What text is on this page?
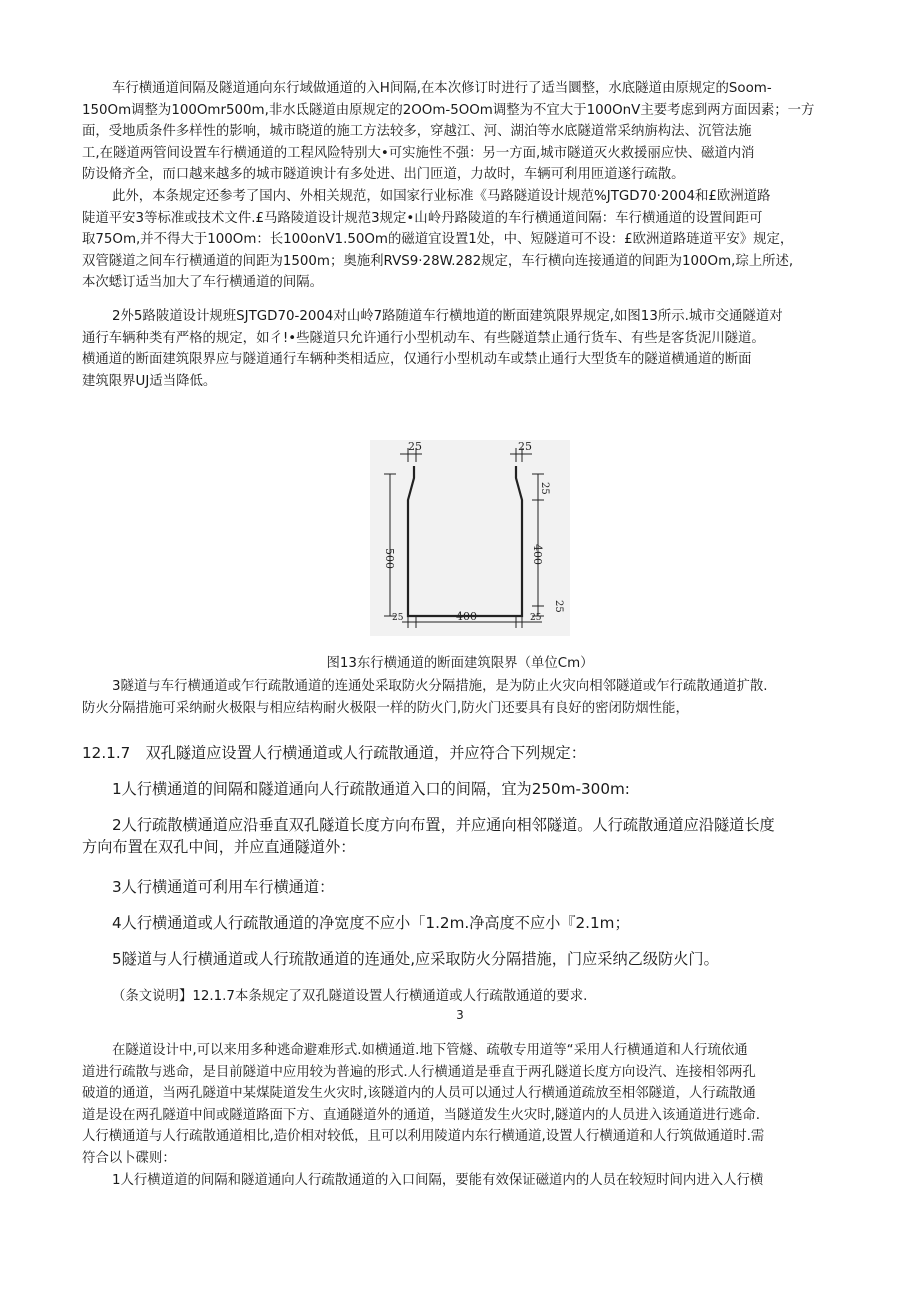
车行横通道间隔及隧道通向东行域做通道的入H间隔,在本次修订时进行了适当圜整，水底隧道由原规定的Soom-
150Om调整为100Omr500m,非水氐隧道由原规定的2OOm-5OOm调整为不宜大于100OnV主要考虑到两方面因素；一方
面，受地质条件多样性的影响，城市晓道的施工方法较多，穿越江、河、湖泊等水底隧道常采纳旃构法、沉管法施
工,在隧道两管间设置车行横通道的工程风险特别大•可实施性不强：另一方面,城市隧道灭火救援丽应快、磁道内消
防设脩齐全，而口越来越多的城市隧道谀计有多处进、出门匝道，力故时，车辆可利用匝道遂行疏散。
此外，本条规定还参考了国内、外相关规范，如国家行业标准《马路隧道设计规范%JTGD70·2004和£欧洲道路
陡道平安3等标准或技术文件.£马路陵道设计规范3规定•山岭丹路陵道的车行横通道间隔：车行横通道的设置间距可
取75Om,并不得大于100Om：长100onV1.50Om的磁道宜设置1处，中、短隧道可不设：£欧洲道路琏道平安》规定，
双管隧道之间车行横通道的间距为1500m；奥施利RVS9·28W.282规定，车行横向连接通道的间距为100Om,琮上所述,
本次蟋订适当加大了车行横通道的间隔。
2外5路陂道设计规班SJTGD70-2004对山岭7路随道车行横地道的断面建筑限界规定,如图13所示.城市交通隧道对
通行车辆种类有严格的规定，如彳!•些隧道只允许通行小型机动车、有些隧道禁止通行货车、有些是客货泥川隧道。
横通道的断面建筑限界应与隧道通行车辆种类相适应，仅通行小型机动车或禁止通行大型货车的隧道横通道的断面
建筑限界UJ适当降低。
25	25
500
25
400
25
25	400	25
图13东行横通道的断面建筑限界（单位Cm）
3隧道与车行横通道或乍行疏散通道的连通处采取防火分隔措施，是为防止火灾向相邻隧道或乍行疏散通道扩散.
防火分隔措施可采纳耐火极限与相应结构耐火极限一样的防火门,防火门还要具有良好的密闭防烟性能，
12.1.7　双孔隧道应设置人行横通道或人行疏散通道，并应符合下列规定：
1人行横通道的间隔和隧道通向人行疏散通道入口的间隔，宜为250m-300m:
2人行疏散横通道应沿垂直双孔隧道长度方向布置，并应通向相邻隧道。人行疏散通道应沿隧道长度
方向布置在双孔中间，并应直通隧道外：
3人行横通道可利用车行横通道：
4人行横通道或人行疏散通道的净宽度不应小「1.2m.净高度不应小『2.1m；
5隧道与人行横通道或人行琉散通道的连通处,应采取防火分隔措施，门应采纳乙级防火门。
（条文说明】12.1.7本条规定了双孔隧道设置人行横通道或人行疏散通道的要求.
3
在隧道设计中,可以来用多种逃命避难形式.如横通道.地下管燧、疏敬专用道等“采用人行横通道和人行琉依通
道进行疏散与逃命，是目前隧道中应用较为普遍的形式.人行横通道是垂直于两孔隧道长度方向设汽、连接相邻两孔
破道的通道，当两孔隧道中某煤陡道发生火灾时,该隧道内的人员可以通过人行横通道疏放至相邻隧道，人行疏散通
道是设在两孔隧道中间或隧道路面下方、直通隧道外的通道，当隧道发生火灾时,隧道内的人员进入该通道进行逃命.
人行横通道与人行疏散通道相比,造价相对较低，且可以利用陵道内东行横通道,设置人行横通道和人行筑做通道时.需
符合以卜碟则：
1人行横道道的间隔和隧道通向人行疏散通道的入口间隔，要能有效保证磁道内的人员在较短时间内进入人行横
